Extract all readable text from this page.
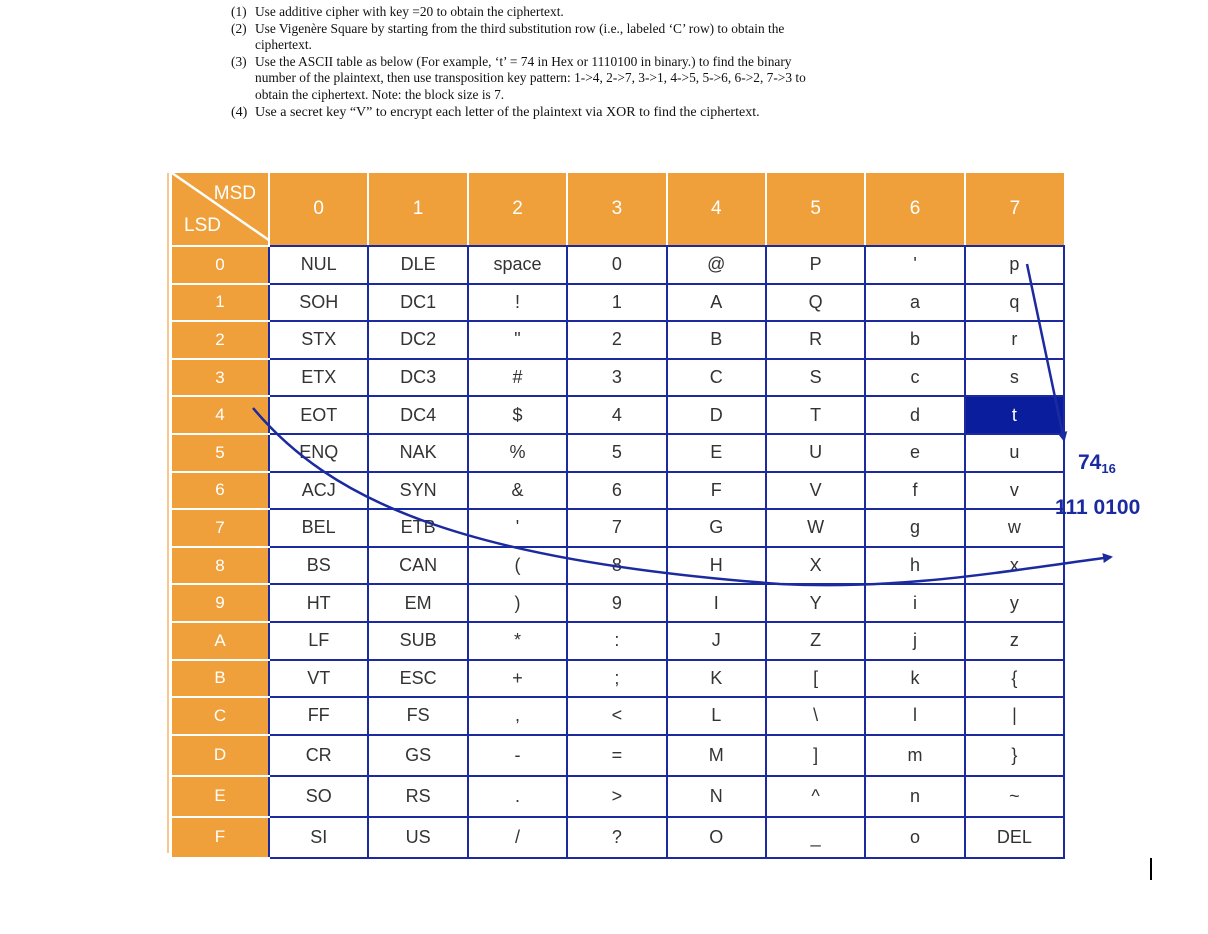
(1) Use additive cipher with key =20 to obtain the ciphertext.
(2) Use Vigenère Square by starting from the third substitution row (i.e., labeled ‘C’ row) to obtain the ciphertext.
(3) Use the ASCII table as below (For example, ‘t’ = 74 in Hex or 1110100 in binary.) to find the binary number of the plaintext, then use transposition key pattern: 1->4, 2->7, 3->1, 4->5, 5->6, 6->2, 7->3 to obtain the ciphertext. Note: the block size is 7.
(4) Use a secret key “V” to encrypt each letter of the plaintext via XOR to find the ciphertext.
MSD
LSD	0	1	2	3	4	5	6	7
0	NUL	DLE	space	0	@	P	'	p
1	SOH	DC1	!	1	A	Q	a	q
2	STX	DC2	"	2	B	R	b	r
3	ETX	DC3	#	3	C	S	c	s
4	EOT	DC4	$	4	D	T	d	t
5	ENQ	NAK	%	5	E	U	e	u
6	ACJ	SYN	&	6	F	V	f	v
7	BEL	ETB	'	7	G	W	g	w
8	BS	CAN	(	8	H	X	h	x
9	HT	EM	)	9	I	Y	i	y
A	LF	SUB	*	:	J	Z	j	z
B	VT	ESC	+	;	K	[	k	{
C	FF	FS	,	<	L	\	l	|
D	CR	GS	-	=	M	]	m	}
E	SO	RS	.	>	N	^	n	~
F	SI	US	/	?	O	_	o	DEL
$74_{16}$
111 0100
